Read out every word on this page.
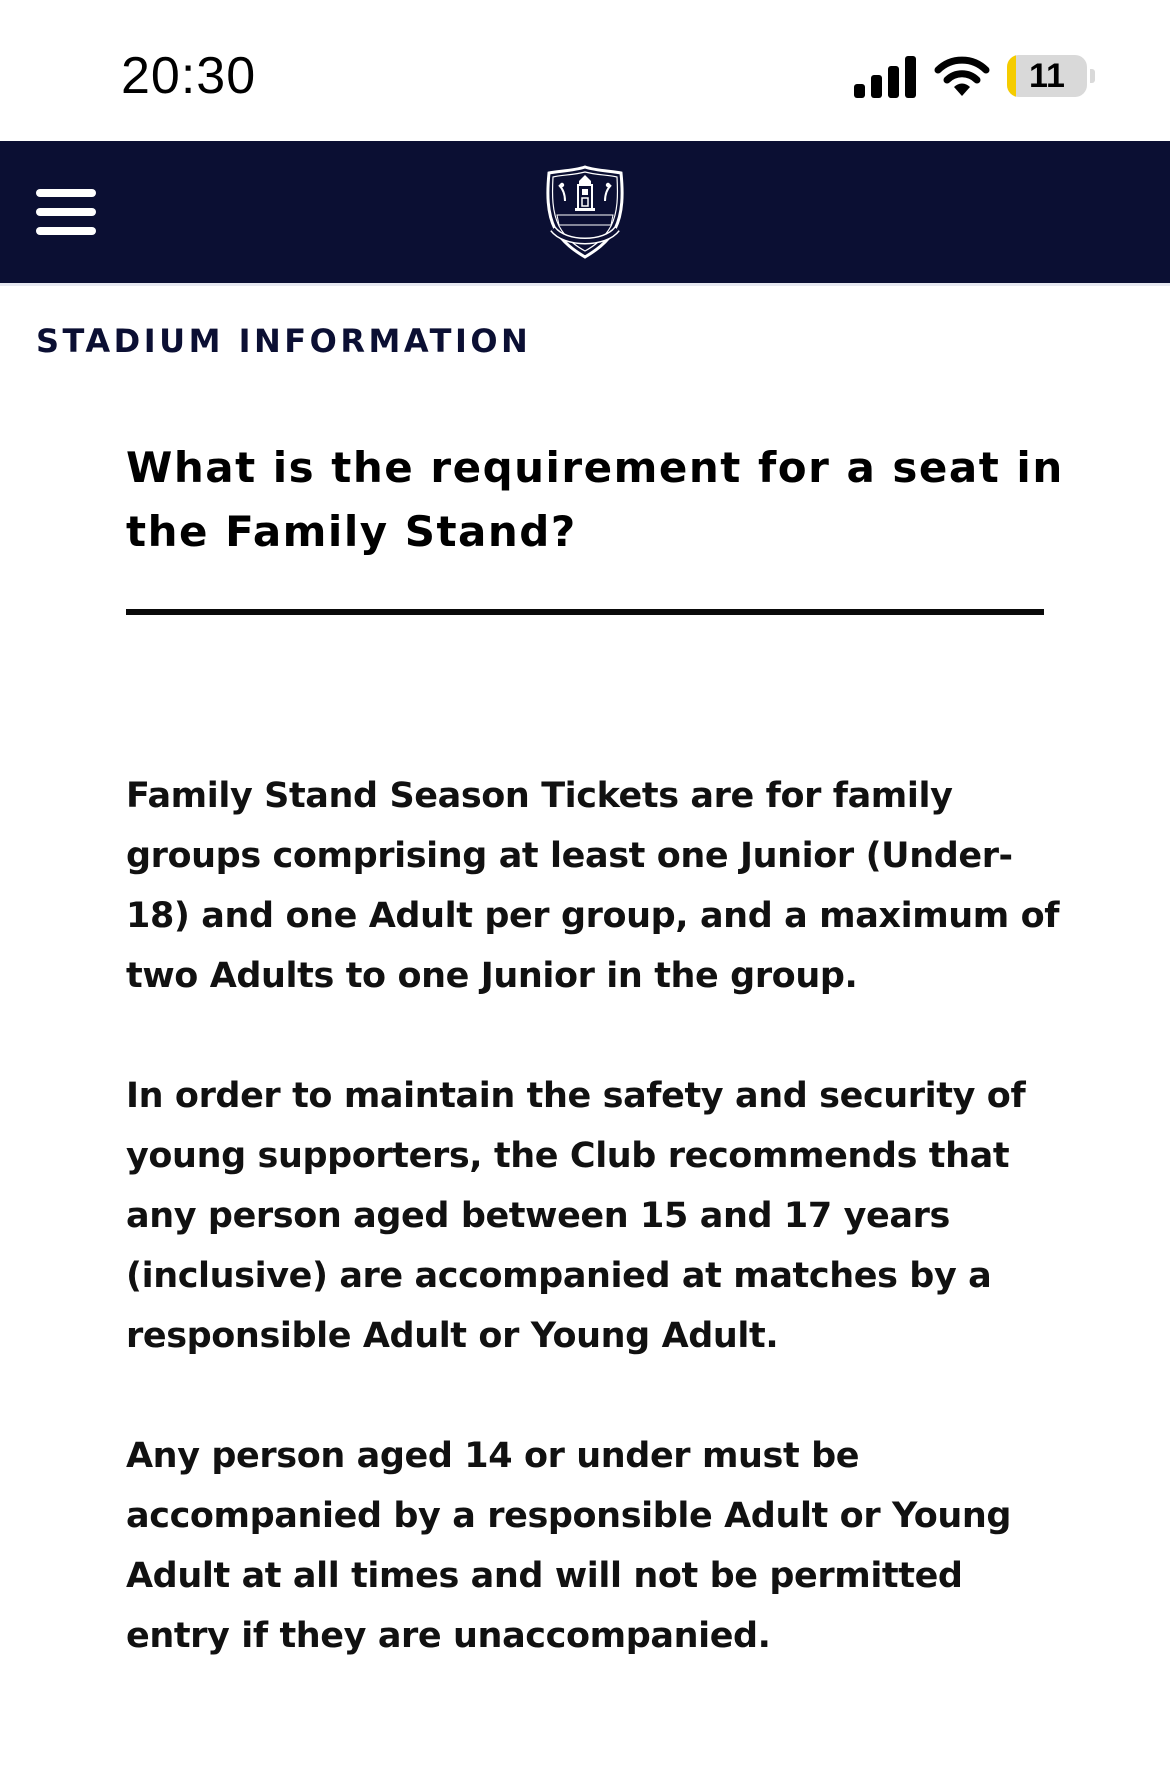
20:30	11
STADIUM INFORMATION
What is the requirement for a seat in the Family Stand?

Family Stand Season Tickets are for family groups comprising at least one Junior (Under-18) and one Adult per group, and a maximum of two Adults to one Junior in the group.

In order to maintain the safety and security of young supporters, the Club recommends that any person aged between 15 and 17 years (inclusive) are accompanied at matches by a responsible Adult or Young Adult.

Any person aged 14 or under must be accompanied by a responsible Adult or Young Adult at all times and will not be permitted entry if they are unaccompanied.
